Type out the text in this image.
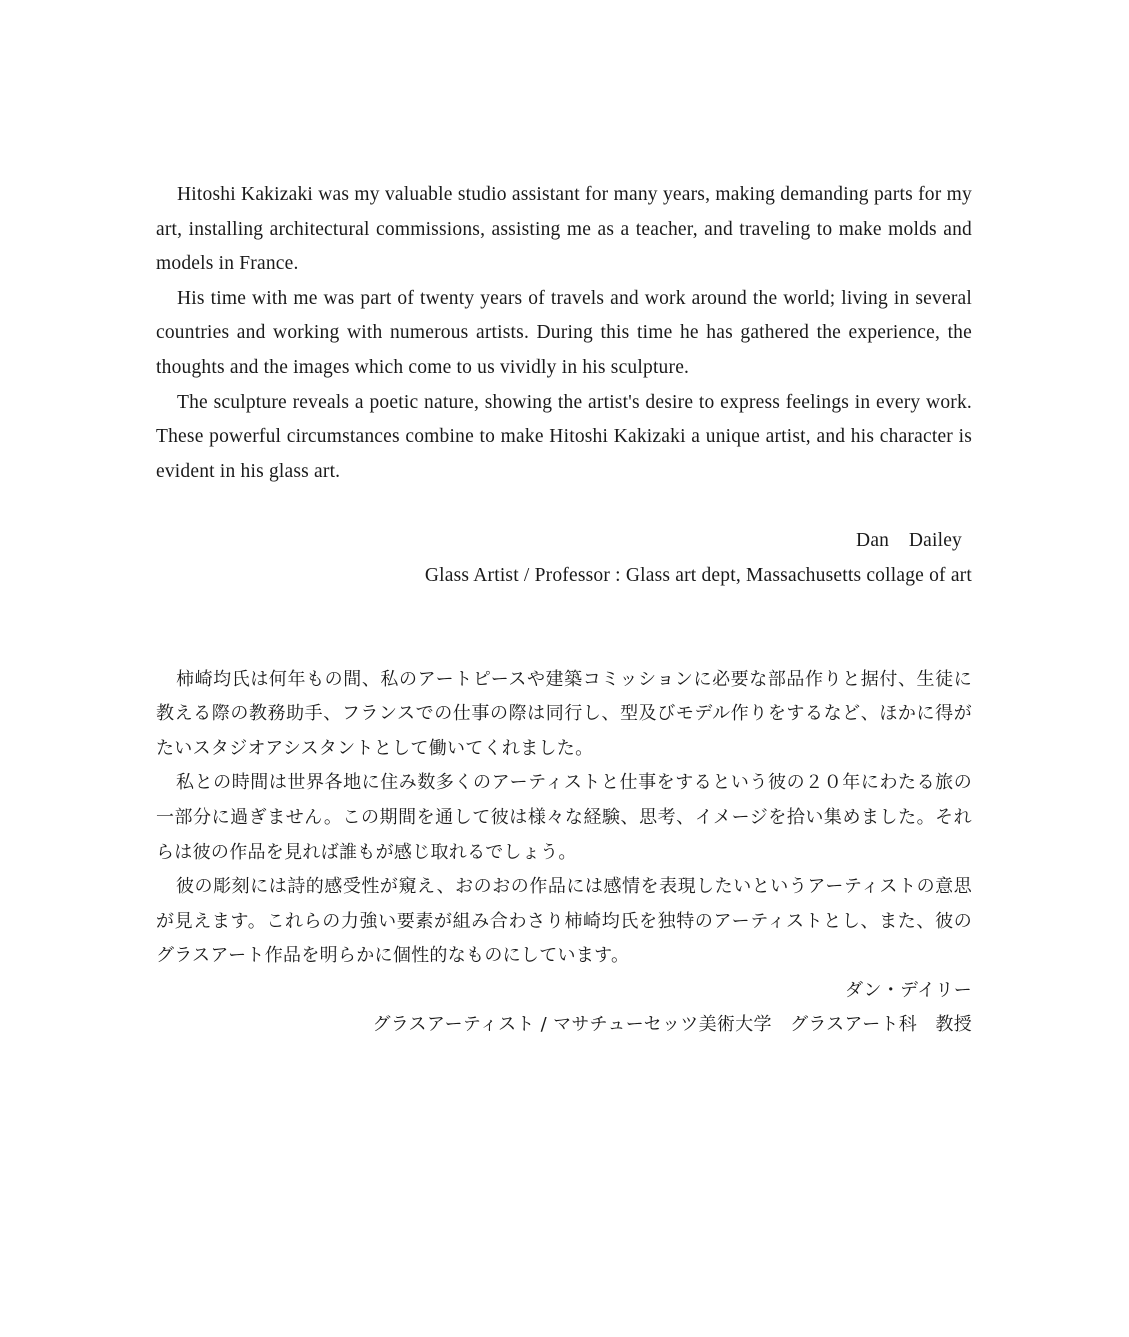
Hitoshi Kakizaki was my valuable studio assistant for many years, making demanding parts for my art, installing architectural commissions, assisting me as a teacher, and traveling to make molds and models in France.

His time with me was part of twenty years of travels and work around the world; living in several countries and working with numerous artists. During this time he has gathered the experience, the thoughts and the images which come to us vividly in his sculpture.

The sculpture reveals a poetic nature, showing the artist's desire to express feelings in every work. These powerful circumstances combine to make Hitoshi Kakizaki a unique artist, and his character is evident in his glass art.

Dan　Dailey
Glass Artist / Professor : Glass art dept, Massachusetts collage of art

柿崎均氏は何年もの間、私のアートピースや建築コミッションに必要な部品作りと据付、生徒に教える際の教務助手、フランスでの仕事の際は同行し、型及びモデル作りをするなど、ほかに得がたいスタジオアシスタントとして働いてくれました。

私との時間は世界各地に住み数多くのアーティストと仕事をするという彼の２０年にわたる旅の一部分に過ぎません。この期間を通して彼は様々な経験、思考、イメージを拾い集めました。それらは彼の作品を見れば誰もが感じ取れるでしょう。

彼の彫刻には詩的感受性が窺え、おのおの作品には感情を表現したいというアーティストの意思が見えます。これらの力強い要素が組み合わさり柿崎均氏を独特のアーティストとし、また、彼のグラスアート作品を明らかに個性的なものにしています。

ダン・デイリー
グラスアーティスト / マサチューセッツ美術大学　グラスアート科　教授
